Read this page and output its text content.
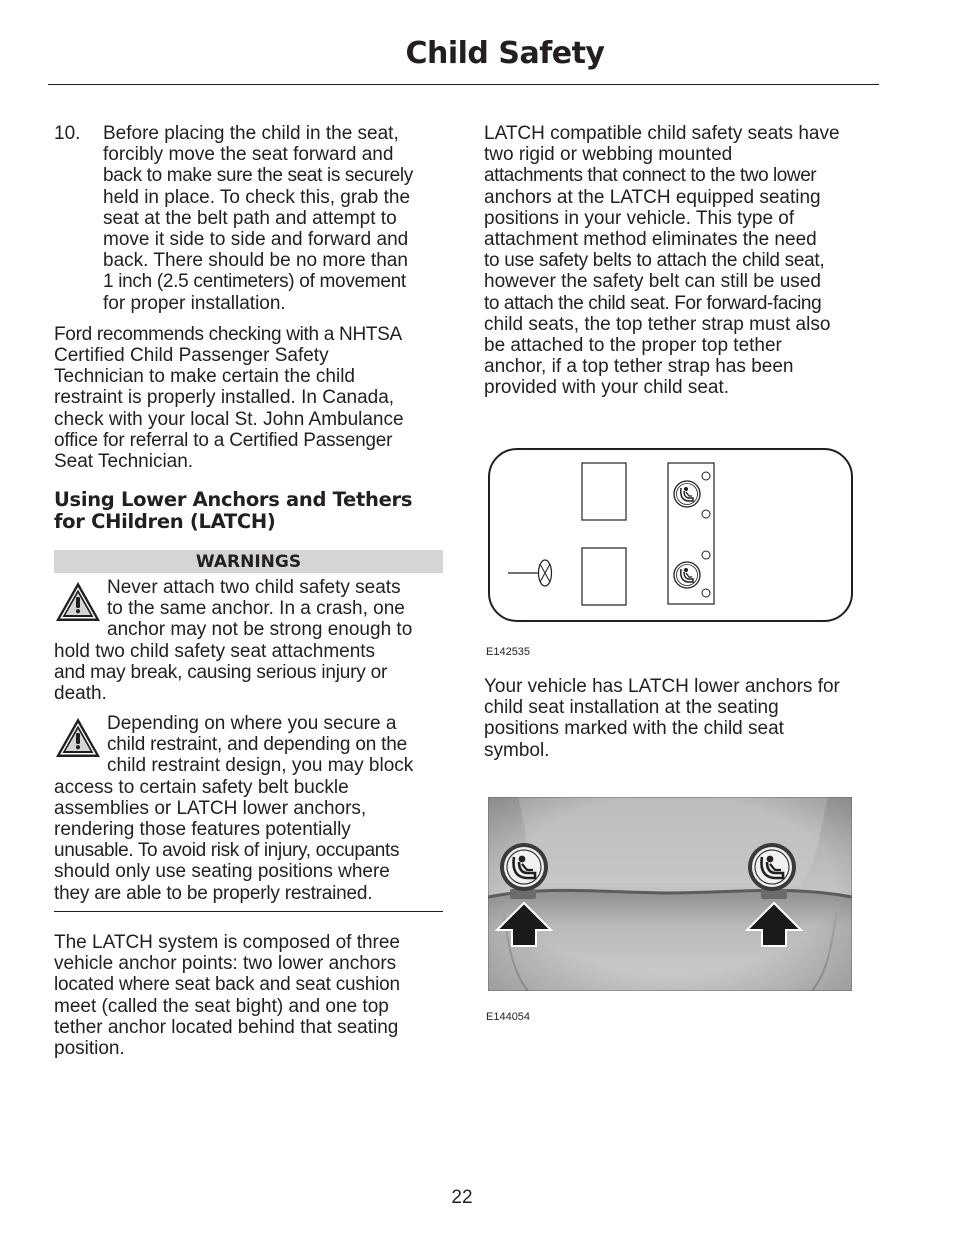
Child Safety
10.	Before placing the child in the seat,

forcibly move the seat forward and

back to make sure the seat is securely

held in place. To check this, grab the

seat at the belt path and attempt to

move it side to side and forward and

back. There should be no more than

1 inch (2.5 centimeters) of movement

for proper installation.

Ford recommends checking with a NHTSA

Certified Child Passenger Safety

Technician to make certain the child

restraint is properly installed. In Canada,

check with your local St. John Ambulance

office for referral to a Certified Passenger

Seat Technician.

Using Lower Anchors and Tethers
for CHildren (LATCH)
WARNINGS

Never attach two child safety seats

to the same anchor. In a crash, one

anchor may not be strong enough to

hold two child safety seat attachments

and may break, causing serious injury or

death.

Depending on where you secure a

child restraint, and depending on the

child restraint design, you may block

access to certain safety belt buckle

assemblies or LATCH lower anchors,

rendering those features potentially

unusable. To avoid risk of injury, occupants

should only use seating positions where

they are able to be properly restrained.

The LATCH system is composed of three

vehicle anchor points: two lower anchors

located where seat back and seat cushion

meet (called the seat bight) and one top

tether anchor located behind that seating

position.

LATCH compatible child safety seats have

two rigid or webbing mounted

attachments that connect to the two lower

anchors at the LATCH equipped seating

positions in your vehicle. This type of

attachment method eliminates the need

to use safety belts to attach the child seat,

however the safety belt can still be used

to attach the child seat. For forward-facing

child seats, the top tether strap must also

be attached to the proper top tether

anchor, if a top tether strap has been

provided with your child seat.

E142535

Your vehicle has LATCH lower anchors for

child seat installation at the seating

positions marked with the child seat

symbol.

E144054
22
